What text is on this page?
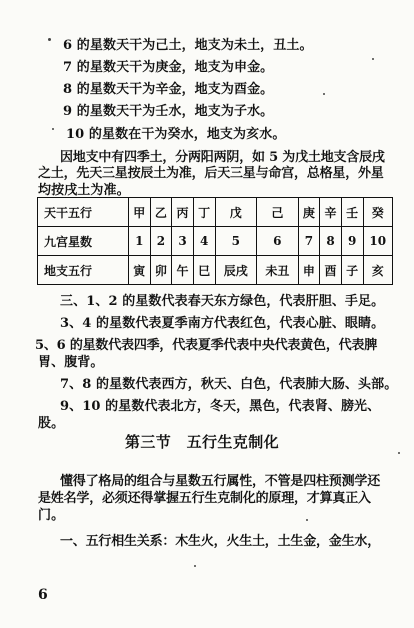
6 的星数天干为己土，地支为未土，丑土。
7 的星数天干为庚金，地支为申金。
8 的星数天干为辛金，地支为酉金。
9 的星数天干为壬水，地支为子水。
10 的星数在干为癸水，地支为亥水。
因地支中有四季土，分两阳两阴，如 5 为戊土地支含辰戌
之土，先天三星按辰土为准，后天三星与命宫，总格星，外星
均按戌土为准。
天干五行	甲	乙	丙	丁	戊	己	庚	辛	壬	癸
九宫星数	1	2	3	4	5	6	7	8	9	10
地支五行	寅	卯	午	巳	辰戌	未丑	申	酉	子	亥
三、1、2 的星数代表春天东方绿色，代表肝胆、手足。
3、4 的星数代表夏季南方代表红色，代表心脏、眼睛。
5、6 的星数代表四季，代表夏季代表中央代表黄色，代表脾
胃、腹背。
7、8 的星数代表西方，秋天、白色，代表肺大肠、头部。
9、10 的星数代表北方，冬天，黑色，代表肾、膀光、
股。
第三节　五行生克制化
懂得了格局的组合与星数五行属性，不管是四柱预测学还
是姓名学，必须还得掌握五行生克制化的原理，才算真正入
门。
一、五行相生关系：木生火，火生土，土生金，金生水，
6
